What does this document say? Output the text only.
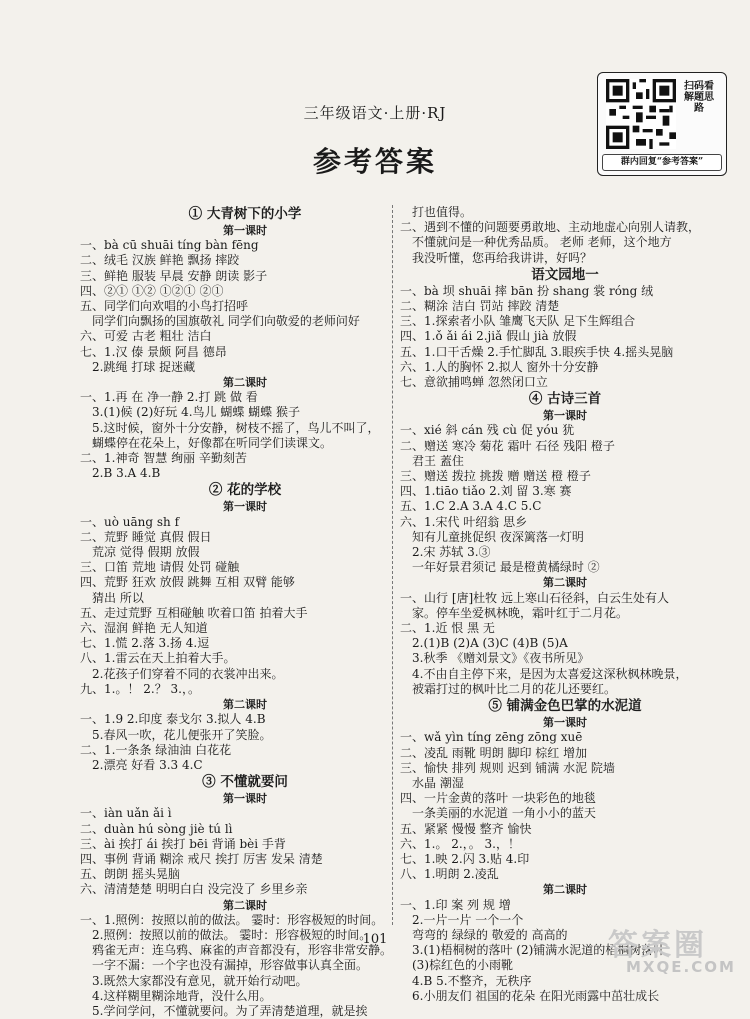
三年级语文·上册·RJ
参考答案
扫码看解题思路
群内回复“参考答案”
① 大青树下的小学
第一课时
一、bà cū shuāi tíng bàn fēng
二、绒毛 汉族 鲜艳 飘扬 摔跤
三、鲜艳 服装 早晨 安静 朗读 影子
四、②① ①② ①②① ②①
五、同学们向欢唱的小鸟打招呼
　同学们向飘扬的国旗敬礼 同学们向敬爱的老师问好
六、可爱 古老 粗壮 洁白
七、1.汉 傣 景颇 阿昌 德昂
　2.跳绳 打球 捉迷藏
第二课时
一、1.再 在 净一静 2.打 跳 做 看
　3.(1)候 (2)好玩 4.鸟儿 蝴蝶 蝴蝶 猴子
　5.这时候，窗外十分安静，树枝不摇了，鸟儿不叫了，
　蝴蝶停在花朵上，好像都在听同学们读课文。
二、1.神奇 智慧 绚丽 辛勤刻苦
　2.B 3.A 4.B
② 花的学校
第一课时
一、uò uāng sh f
二、荒野 睡觉 真假 假日
　荒凉 觉得 假期 放假
三、口笛 荒地 请假 处罚 碰触
四、荒野 狂欢 放假 跳舞 互相 双臂 能够
　猜出 所以
五、走过荒野 互相碰触 吹着口笛 拍着大手
六、湿润 鲜艳 无人知道
七、1.慌 2.落 3.扬 4.逗
八、1.雷云在天上拍着大手。
　2.花孩子们穿着不同的衣裳冲出来。
九、1.。！ 2.？ 3.，。
第二课时
一、1.9 2.印度 泰戈尔 3.拟人 4.B
　5.春风一吹，花儿便张开了笑脸。
二、1.一条条 绿油油 白花花
　2.漂亮 好看 3.3 4.C
③ 不懂就要问
第一课时
一、iàn uǎn ǎi ì
二、duàn hú sòng jiè tú lì
三、ài 挨打 ái 挨打 bēi 背诵 bèi 手背
四、事例 背诵 糊涂 戒尺 挨打 厉害 发呆 清楚
五、朗朗 摇头晃脑
六、清清楚楚 明明白白 没完没了 乡里乡亲
第二课时
一、1.照例：按照以前的做法。 霎时：形容极短的时间。
　2.照例：按照以前的做法。 霎时：形容极短的时间。
　鸦雀无声：连乌鸦、麻雀的声音都没有，形容非常安静。
　一字不漏：一个字也没有漏掉，形容做事认真全面。
　3.既然大家都没有意见，就开始行动吧。
　4.这样糊里糊涂地背，没什么用。
　5.学问学问，不懂就要问。为了弄清楚道理，就是挨
　打也值得。
二、遇到不懂的问题要勇敢地、主动地虚心向别人请教，
　不懂就问是一种优秀品质。 老师 老师，这个地方
　我没听懂，您再给我讲讲，好吗？
语文园地一
一、bà 坝 shuāi 摔 bān 扮 shang 裳 róng 绒
二、糊涂 洁白 罚站 摔跤 清楚
三、1.探索者小队 雏鹰飞天队 足下生辉组合
四、1.ǒ ǎi ái 2.jiǎ 假山 jià 放假
五、1.口干舌燥 2.手忙脚乱 3.眼疾手快 4.摇头晃脑
六、1.人的胸怀 2.拟人 窗外十分安静
七、意欲捕鸣蝉 忽然闭口立
④ 古诗三首
第一课时
一、xié 斜 cán 残 cù 促 yóu 犹
二、赠送 寒冷 菊花 霜叶 石径 残阳 橙子
　君王 蓋住
三、赠送 拨拉 挑拨 赠 赠送 橙 橙子
四、1.tiāo tiǎo 2.刘 留 3.寒 赛
五、1.C 2.A 3.A 4.C 5.C
六、1.宋代 叶绍翁 思乡
　知有儿童挑促织 夜深篱落一灯明
　2.宋 苏轼 3.③
　一年好景君须记 最是橙黄橘绿时 ②
第二课时
一、山行 [唐]杜牧 远上寒山石径斜，白云生处有人
　家。停车坐爱枫林晚，霜叶红于二月花。
二、1.近 恨 黑 无
　2.(1)B (2)A (3)C (4)B (5)A
　3.秋季 《赠刘景文》《夜书所见》
　4.不由自主停下来，是因为太喜爱这深秋枫林晚景，
　被霜打过的枫叶比二月的花儿还要红。
⑤ 铺满金色巴掌的水泥道
第一课时
一、wǎ yìn tíng zēng zōng xuē
二、凌乱 雨靴 明朗 脚印 棕红 增加
三、愉快 排列 规则 迟到 铺满 水泥 院墙
　水晶 潮湿
四、一片金黄的落叶 一块彩色的地毯
　一条美丽的水泥道 一角小小的蓝天
五、紧紧 慢慢 整齐 愉快
六、1.。 2.，。 3.，！
七、1.映 2.闪 3.贴 4.印
八、1.明朗 2.凌乱
第二课时
一、1.印 案 列 规 增
　2.一片一片 一个一个
　弯弯的 绿绿的 敬爱的 高高的
　3.(1)梧桐树的落叶 (2)铺满水泥道的梧桐树落叶
　(3)棕红色的小雨靴
　4.B 5.不整齐，无秩序
　6.小朋友们 祖国的花朵 在阳光雨露中茁壮成长
101	答案圈
MXQE.COM
